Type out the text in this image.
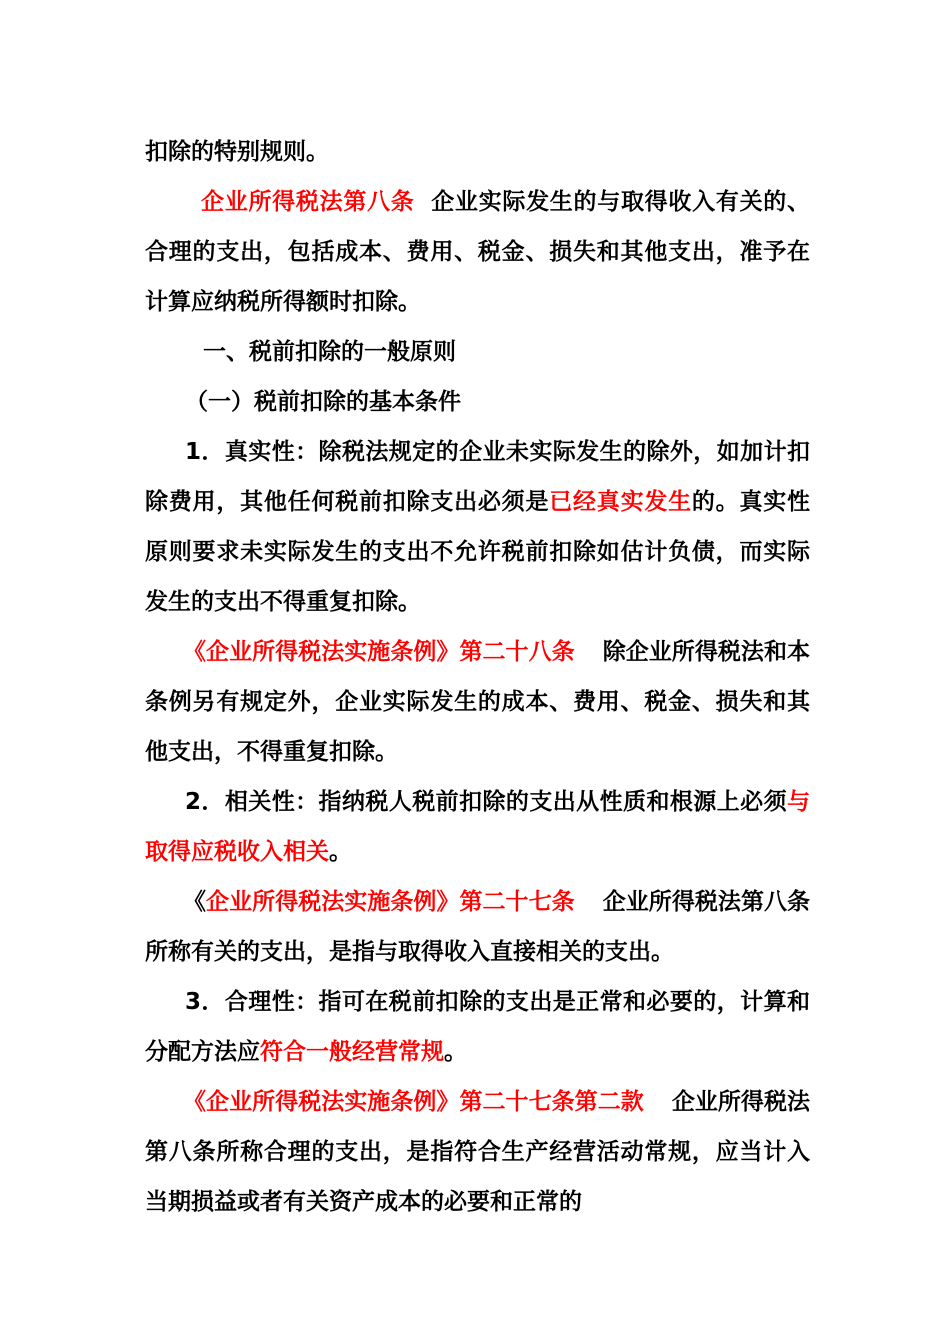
扣除的特别规则。

企业所得税法第八条 企业实际发生的与取得收入有关的、合理的支出，包括成本、费用、税金、损失和其他支出，准予在计算应纳税所得额时扣除。

一、税前扣除的一般原则

（一）税前扣除的基本条件

1．真实性：除税法规定的企业未实际发生的除外，如加计扣除费用，其他任何税前扣除支出必须是已经真实发生的。真实性原则要求未实际发生的支出不允许税前扣除如估计负债，而实际发生的支出不得重复扣除。

《企业所得税法实施条例》第二十八条 除企业所得税法和本条例另有规定外，企业实际发生的成本、费用、税金、损失和其他支出，不得重复扣除。

2．相关性：指纳税人税前扣除的支出从性质和根源上必须与取得应税收入相关。

《企业所得税法实施条例》第二十七条 企业所得税法第八条所称有关的支出，是指与取得收入直接相关的支出。

3．合理性：指可在税前扣除的支出是正常和必要的，计算和分配方法应符合一般经营常规。

《企业所得税法实施条例》第二十七条第二款 企业所得税法第八条所称合理的支出，是指符合生产经营活动常规，应当计入当期损益或者有关资产成本的必要和正常的
